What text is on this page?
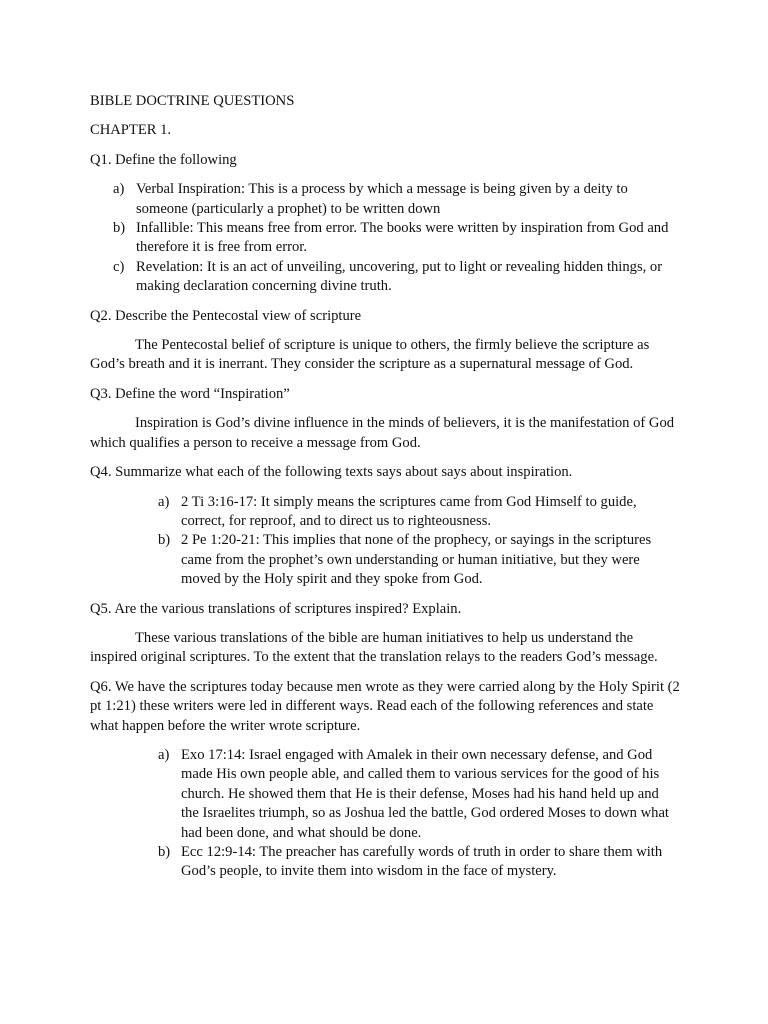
BIBLE DOCTRINE QUESTIONS

CHAPTER 1.

Q1. Define the following

a) Verbal Inspiration: This is a process by which a message is being given by a deity to someone (particularly a prophet) to be written down
b) Infallible: This means free from error. The books were written by inspiration from God and therefore it is free from error.
c) Revelation: It is an act of unveiling, uncovering, put to light or revealing hidden things, or making declaration concerning divine truth.

Q2. Describe the Pentecostal view of scripture

The Pentecostal belief of scripture is unique to others, the firmly believe the scripture as God’s breath and it is inerrant. They consider the scripture as a supernatural message of God.

Q3. Define the word “Inspiration”

Inspiration is God’s divine influence in the minds of believers, it is the manifestation of God which qualifies a person to receive a message from God.

Q4. Summarize what each of the following texts says about says about inspiration.

a) 2 Ti 3:16-17: It simply means the scriptures came from God Himself to guide, correct, for reproof, and to direct us to righteousness.
b) 2 Pe 1:20-21: This implies that none of the prophecy, or sayings in the scriptures came from the prophet’s own understanding or human initiative, but they were moved by the Holy spirit and they spoke from God.

Q5. Are the various translations of scriptures inspired? Explain.

These various translations of the bible are human initiatives to help us understand the inspired original scriptures. To the extent that the translation relays to the readers God’s message.

Q6. We have the scriptures today because men wrote as they were carried along by the Holy Spirit (2 pt 1:21) these writers were led in different ways. Read each of the following references and state what happen before the writer wrote scripture.

a) Exo 17:14: Israel engaged with Amalek in their own necessary defense, and God made His own people able, and called them to various services for the good of his church. He showed them that He is their defense, Moses had his hand held up and the Israelites triumph, so as Joshua led the battle, God ordered Moses to down what had been done, and what should be done.
b) Ecc 12:9-14: The preacher has carefully words of truth in order to share them with God’s people, to invite them into wisdom in the face of mystery.
